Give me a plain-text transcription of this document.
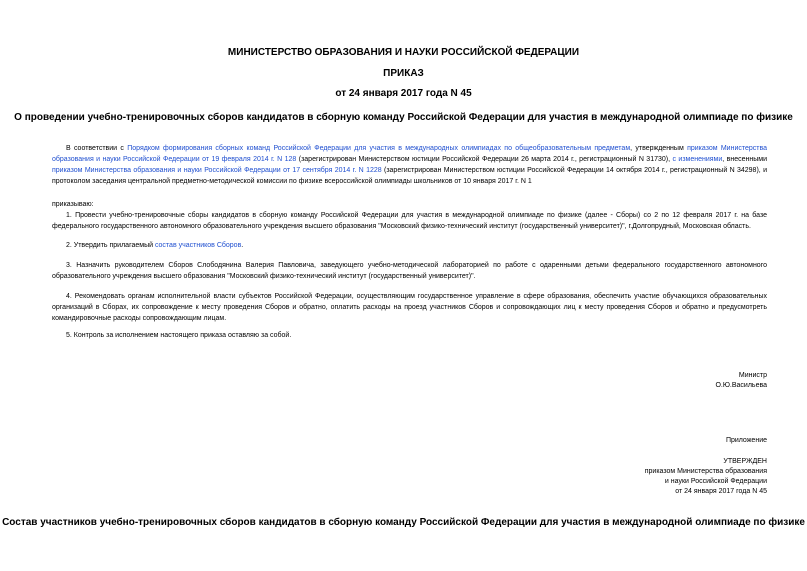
МИНИСТЕРСТВО ОБРАЗОВАНИЯ И НАУКИ РОССИЙСКОЙ ФЕДЕРАЦИИ
ПРИКАЗ
от 24 января 2017 года N 45
О проведении учебно-тренировочных сборов кандидатов в сборную команду Российской Федерации для участия в международной олимпиаде по физике
В соответствии с Порядком формирования сборных команд Российской Федерации для участия в международных олимпиадах по общеобразовательным предметам, утвержденным приказом Министерства образования и науки Российской Федерации от 19 февраля 2014 г. N 128 (зарегистрирован Министерством юстиции Российской Федерации 26 марта 2014 г., регистрационный N 31730), с изменениями, внесенными приказом Министерства образования и науки Российской Федерации от 17 сентября 2014 г. N 1228 (зарегистрирован Министерством юстиции Российской Федерации 14 октября 2014 г., регистрационный N 34298), и протоколом заседания центральной предметно-методической комиссии по физике всероссийской олимпиады школьников от 10 января 2017 г. N 1
приказываю:
1. Провести учебно-тренировочные сборы кандидатов в сборную команду Российской Федерации для участия в международной олимпиаде по физике (далее - Сборы) со 2 по 12 февраля 2017 г. на базе федерального государственного автономного образовательного учреждения высшего образования "Московский физико-технический институт (государственный университет)", г.Долгопрудный, Московская область.
2. Утвердить прилагаемый состав участников Сборов.
3. Назначить руководителем Сборов Слободянина Валерия Павловича, заведующего учебно-методической лабораторией по работе с одаренными детьми федерального государственного автономного образовательного учреждения высшего образования "Московский физико-технический институт (государственный университет)".
4. Рекомендовать органам исполнительной власти субъектов Российской Федерации, осуществляющим государственное управление в сфере образования, обеспечить участие обучающихся образовательных организаций в Сборах, их сопровождение к месту проведения Сборов и обратно, оплатить расходы на проезд участников Сборов и сопровождающих лиц к месту проведения Сборов и обратно и предусмотреть командировочные расходы сопровождающим лицам.
5. Контроль за исполнением настоящего приказа оставляю за собой.
Министр
О.Ю.Васильева
Приложение
УТВЕРЖДЕН
приказом Министерства образования
и науки Российской Федерации
от 24 января 2017 года N 45
Состав участников учебно-тренировочных сборов кандидатов в сборную команду Российской Федерации для участия в международной олимпиаде по физике
